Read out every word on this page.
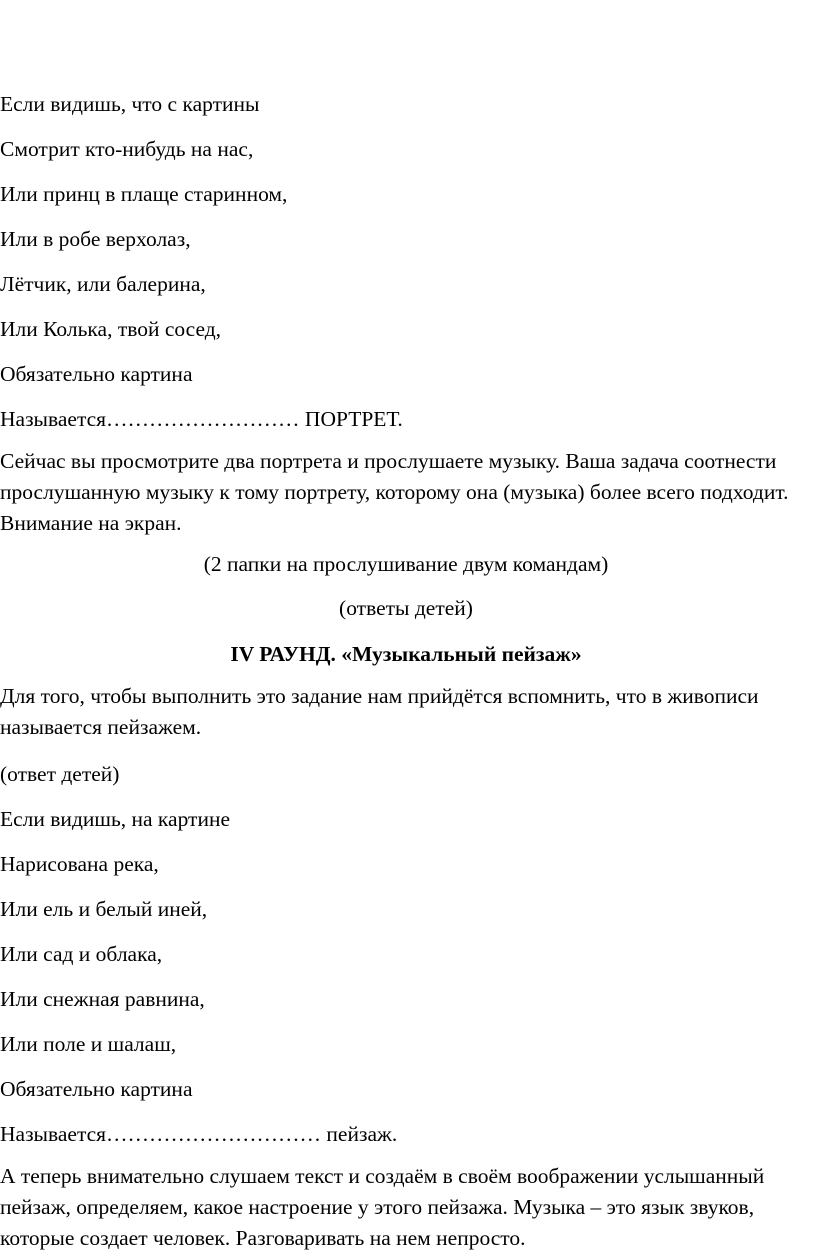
Если видишь, что с картины
Смотрит кто-нибудь на нас,
Или принц в плаще старинном,
Или в робе верхолаз,
Лётчик, или балерина,
Или Колька, твой сосед,
Обязательно картина
Называется……………………… ПОРТРЕТ.
Сейчас вы просмотрите два портрета и прослушаете музыку. Ваша задача соотнести прослушанную музыку к тому портрету, которому она (музыка) более всего подходит. Внимание на экран.
(2 папки на прослушивание двум командам)
(ответы детей)
IV РАУНД. «Музыкальный пейзаж»
Для того, чтобы выполнить это задание нам прийдётся вспомнить, что в живописи называется пейзажем.
(ответ детей)
Если видишь, на картине
Нарисована река,
Или ель и белый иней,
Или сад и облака,
Или снежная равнина,
Или поле и шалаш,
Обязательно картина
Называется………………………… пейзаж.
А теперь внимательно слушаем текст и создаём в своём воображении услышанный пейзаж, определяем, какое настроение у этого пейзажа. Музыка – это язык звуков, которые создает человек. Разговаривать на нем непросто.
